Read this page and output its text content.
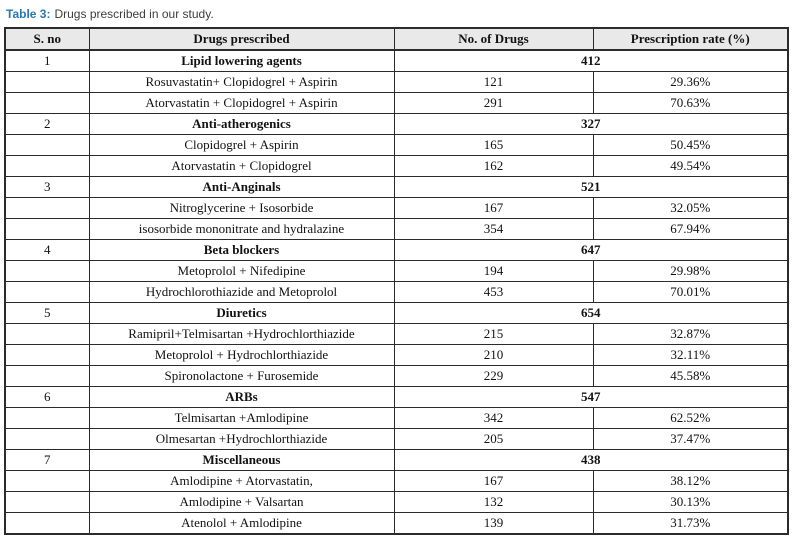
Table 3: Drugs prescribed in our study.
S. no	Drugs prescribed	No. of Drugs	Prescription rate (%)
1	Lipid lowering agents	412	
	Rosuvastatin+ Clopidogrel + Aspirin	121	29.36%
	Atorvastatin + Clopidogrel + Aspirin	291	70.63%
2	Anti-atherogenics	327	
	Clopidogrel + Aspirin	165	50.45%
	Atorvastatin + Clopidogrel	162	49.54%
3	Anti-Anginals	521	
	Nitroglycerine + Isosorbide	167	32.05%
	isosorbide mononitrate and hydralazine	354	67.94%
4	Beta blockers	647	
	Metoprolol + Nifedipine	194	29.98%
	Hydrochlorothiazide and Metoprolol	453	70.01%
5	Diuretics	654	
	Ramipril+Telmisartan +Hydrochlorthiazide	215	32.87%
	Metoprolol + Hydrochlorthiazide	210	32.11%
	Spironolactone + Furosemide	229	45.58%
6	ARBs	547	
	Telmisartan +Amlodipine	342	62.52%
	Olmesartan +Hydrochlorthiazide	205	37.47%
7	Miscellaneous	438	
	Amlodipine + Atorvastatin,	167	38.12%
	Amlodipine + Valsartan	132	30.13%
	Atenolol + Amlodipine	139	31.73%
